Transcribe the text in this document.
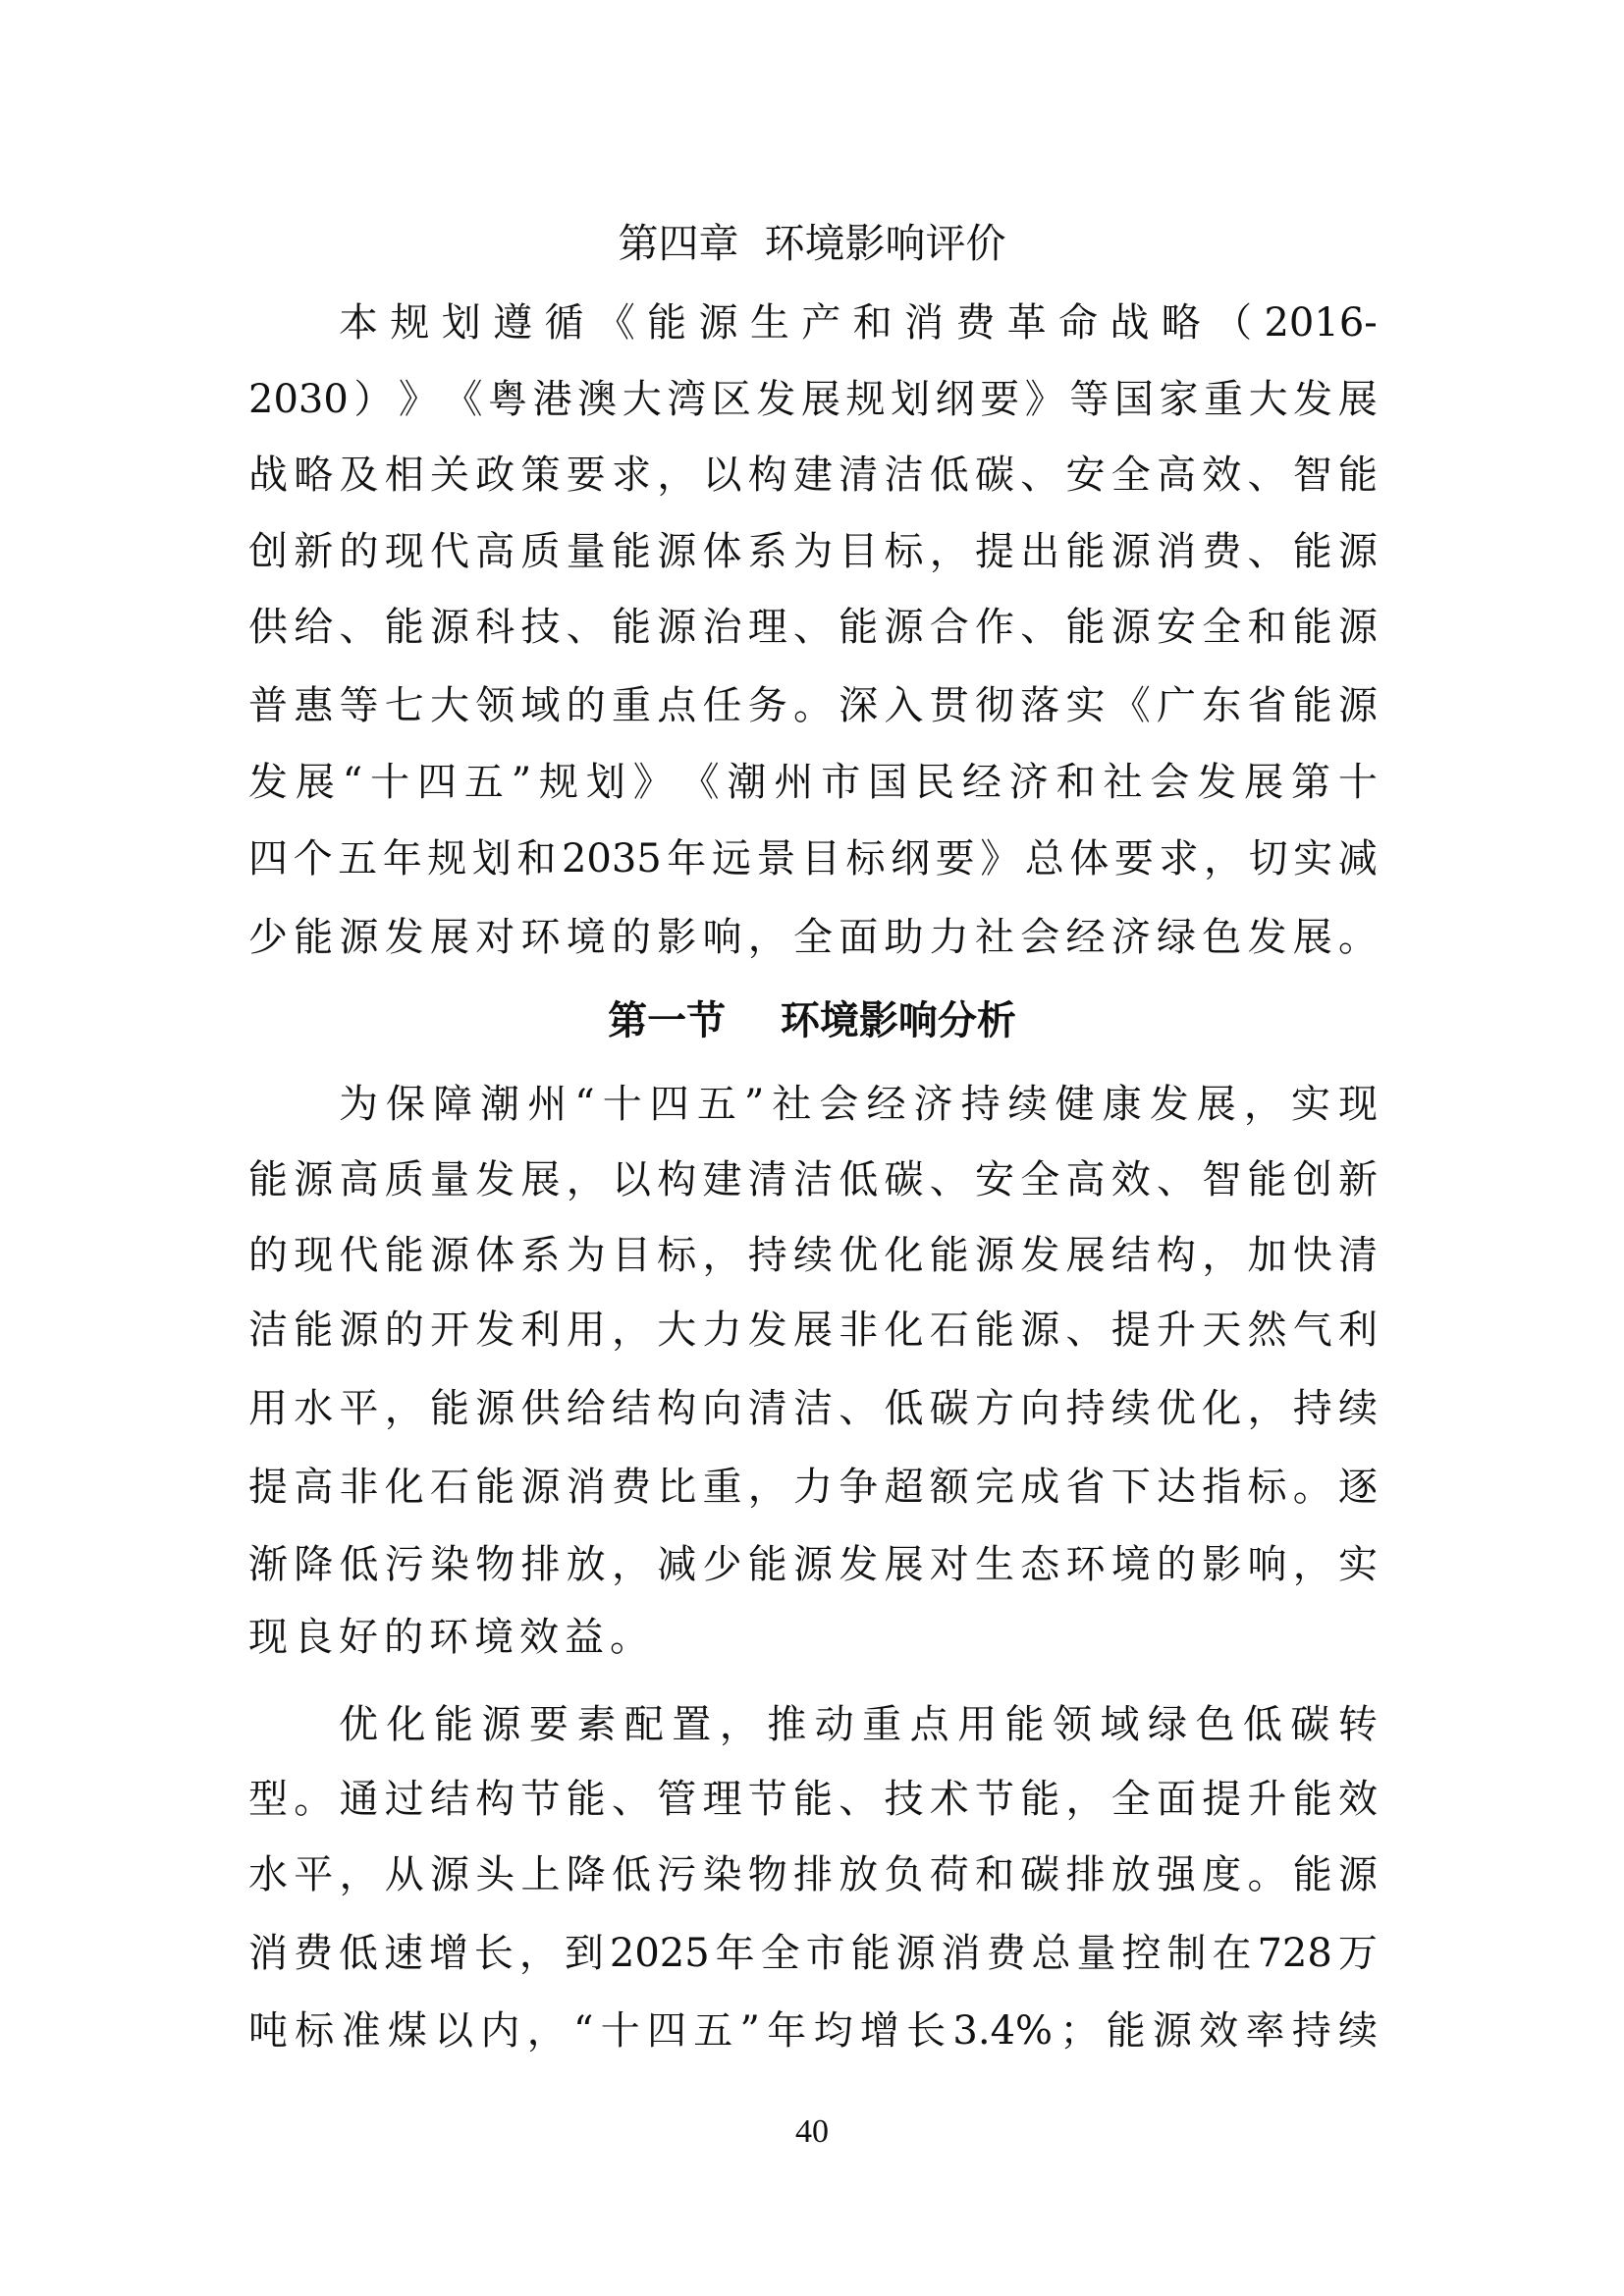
第四章  环境影响评价
本 规 划 遵 循 《 能 源 生 产 和 消 费 革 命 战 略 （ 2016-
2030 ） 》 《 粤 港 澳 大 湾 区 发 展 规 划 纲 要 》 等 国 家 重 大 发 展
战 略 及 相 关 政 策 要 求 ， 以 构 建 清 洁 低 碳 、 安 全 高 效 、 智 能
创 新 的 现 代 高 质 量 能 源 体 系 为 目 标 ， 提 出 能 源 消 费 、 能 源
供 给 、 能 源 科 技 、 能 源 治 理 、 能 源 合 作 、 能 源 安 全 和 能 源
普 惠 等 七 大 领 域 的 重 点 任 务 。 深 入 贯 彻 落 实 《 广 东 省 能 源
发 展 “ 十 四 五 ” 规 划 》 《 潮 州 市 国 民 经 济 和 社 会 发 展 第 十
四 个 五 年 规 划 和 2035 年 远 景 目 标 纲 要 》 总 体 要 求 ， 切 实 减
少 能 源 发 展 对 环 境 的 影 响 ， 全 面 助 力 社 会 经 济 绿 色 发 展 。
第一节    环境影响分析
为 保 障 潮 州 “ 十 四 五 ” 社 会 经 济 持 续 健 康 发 展 ， 实 现
能 源 高 质 量 发 展 ， 以 构 建 清 洁 低 碳 、 安 全 高 效 、 智 能 创 新
的 现 代 能 源 体 系 为 目 标 ， 持 续 优 化 能 源 发 展 结 构 ， 加 快 清
洁 能 源 的 开 发 利 用 ， 大 力 发 展 非 化 石 能 源 、 提 升 天 然 气 利
用 水 平 ， 能 源 供 给 结 构 向 清 洁 、 低 碳 方 向 持 续 优 化 ， 持 续
提 高 非 化 石 能 源 消 费 比 重 ， 力 争 超 额 完 成 省 下 达 指 标 。 逐
渐 降 低 污 染 物 排 放 ， 减 少 能 源 发 展 对 生 态 环 境 的 影 响 ， 实
现良好的环境效益。
优 化 能 源 要 素 配 置 ， 推 动 重 点 用 能 领 域 绿 色 低 碳 转
型 。 通 过 结 构 节 能 、 管 理 节 能 、 技 术 节 能 ， 全 面 提 升 能 效
水 平 ， 从 源 头 上 降 低 污 染 物 排 放 负 荷 和 碳 排 放 强 度 。 能 源
消 费 低 速 增 长 ， 到 2025 年 全 市 能 源 消 费 总 量 控 制 在 728 万
吨 标 准 煤 以 内 ， “ 十 四 五 ” 年 均 增 长 3.4% ； 能 源 效 率 持 续
40
